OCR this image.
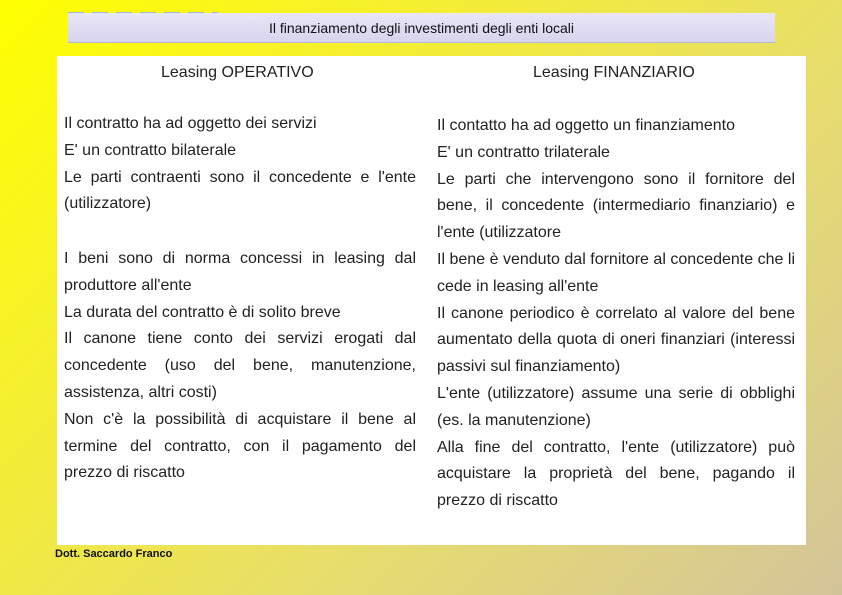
Il finanziamento degli investimenti degli enti locali
Leasing OPERATIVO

Il contratto ha ad oggetto dei servizi

E' un contratto bilaterale

Le parti contraenti sono il concedente e l'ente (utilizzatore)

I beni sono di norma concessi in leasing dal produttore all'ente

La durata del contratto è di solito breve

Il canone tiene conto dei servizi erogati dal concedente (uso del bene, manutenzione, assistenza, altri costi)

Non c'è la possibilità di acquistare il bene al termine del contratto, con il pagamento del prezzo di riscatto

Leasing FINANZIARIO

Il contatto ha ad oggetto un finanziamento

E' un contratto trilaterale

Le parti che intervengono sono il fornitore del bene, il concedente (intermediario finanziario) e l'ente (utilizzatore

Il bene è venduto dal fornitore al concedente che li cede in leasing all'ente

Il canone periodico è correlato al valore del bene aumentato della quota di oneri finanziari (interessi passivi sul finanziamento)

L'ente (utilizzatore) assume una serie di obblighi (es. la manutenzione)

Alla fine del contratto, l'ente (utilizzatore) può acquistare la proprietà del bene, pagando il prezzo di riscatto

Dott. Saccardo Franco
